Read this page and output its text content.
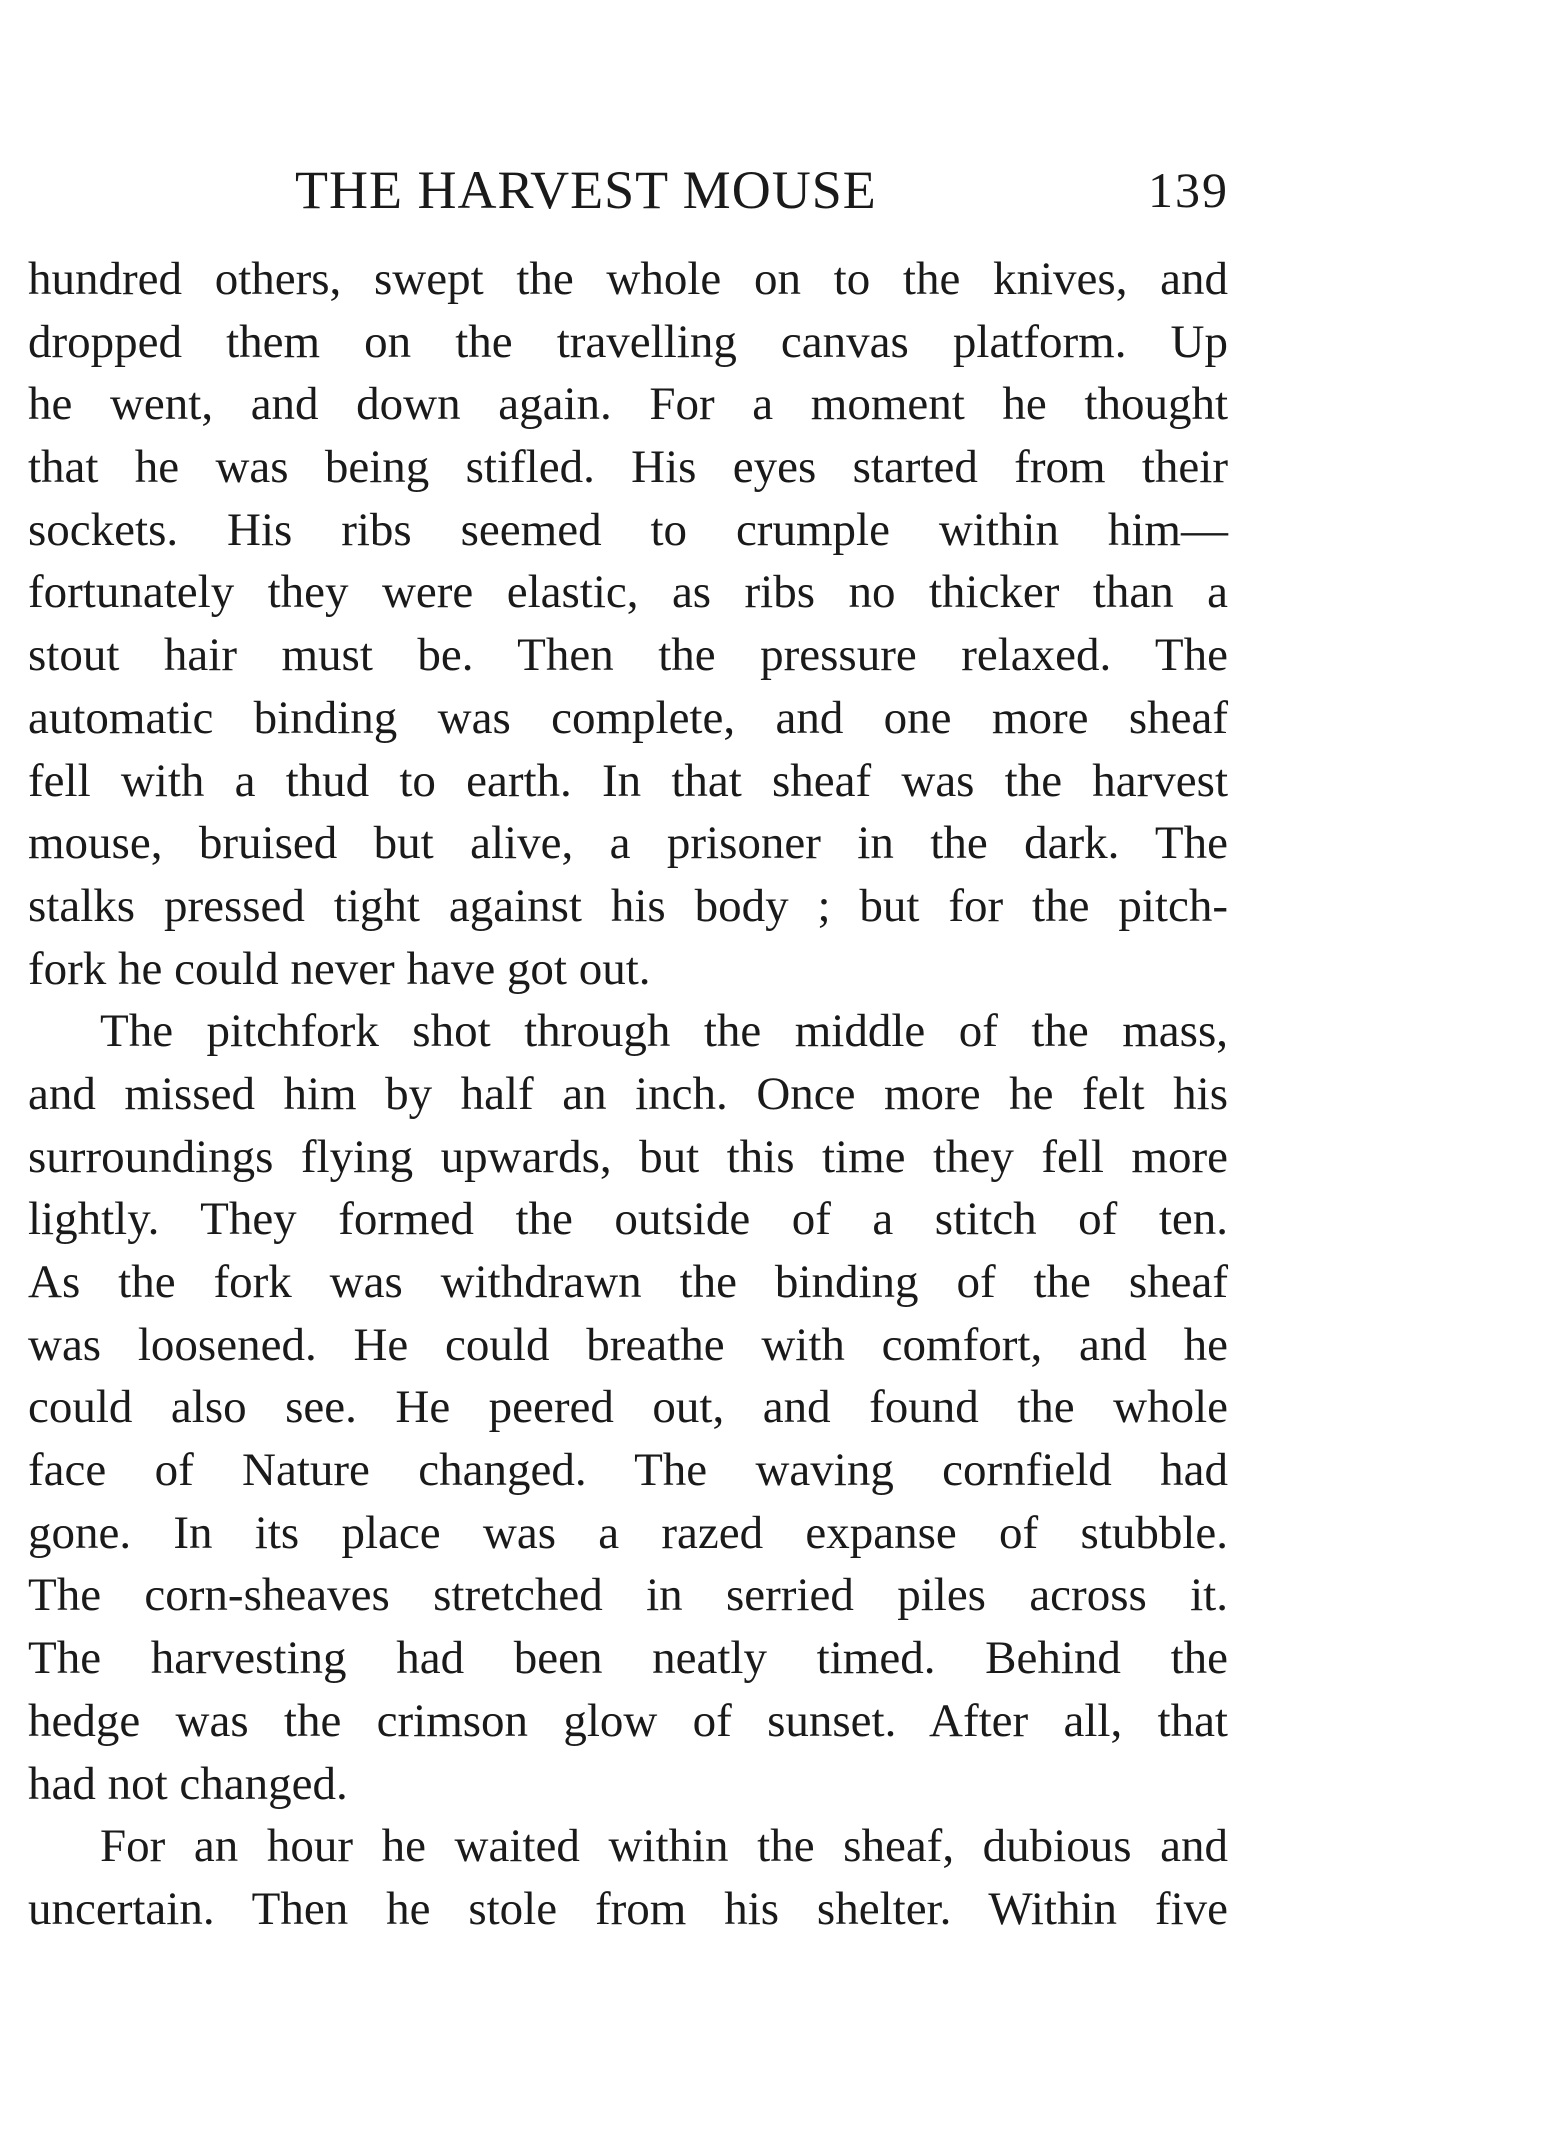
THE HARVEST MOUSE	139
hundred others, swept the whole on to the knives, and
dropped them on the travelling canvas platform. Up
he went, and down again. For a moment he thought
that he was being stifled. His eyes started from their
sockets. His ribs seemed to crumple within him—
fortunately they were elastic, as ribs no thicker than a
stout hair must be. Then the pressure relaxed. The
automatic binding was complete, and one more sheaf
fell with a thud to earth. In that sheaf was the harvest
mouse, bruised but alive, a prisoner in the dark. The
stalks pressed tight against his body ; but for the pitch-
fork he could never have got out.
The pitchfork shot through the middle of the mass,
and missed him by half an inch. Once more he felt his
surroundings flying upwards, but this time they fell more
lightly. They formed the outside of a stitch of ten.
As the fork was withdrawn the binding of the sheaf
was loosened. He could breathe with comfort, and he
could also see. He peered out, and found the whole
face of Nature changed. The waving cornfield had
gone. In its place was a razed expanse of stubble.
The corn-sheaves stretched in serried piles across it.
The harvesting had been neatly timed. Behind the
hedge was the crimson glow of sunset. After all, that
had not changed.
For an hour he waited within the sheaf, dubious and
uncertain. Then he stole from his shelter. Within five
